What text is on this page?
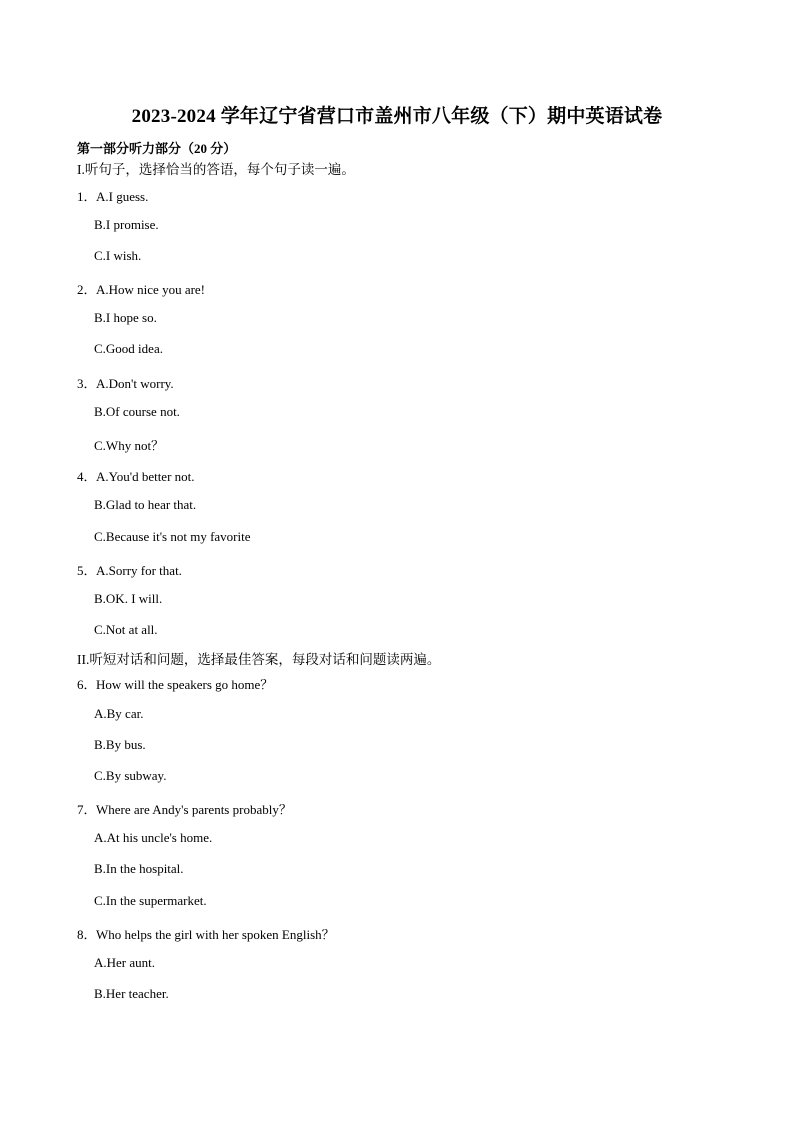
2023-2024 学年辽宁省营口市盖州市八年级（下）期中英语试卷
第一部分听力部分（20 分）
I.听句子，选择恰当的答语，每个句子读一遍。
1．A.I guess.
B.I promise.
C.I wish.
2．A.How nice you are!
B.I hope so.
C.Good idea.
3．A.Don't worry.
B.Of course not.
C.Why not？
4．A.You'd better not.
B.Glad to hear that.
C.Because it's not my favorite
5．A.Sorry for that.
B.OK. I will.
C.Not at all.
II.听短对话和问题，选择最佳答案，每段对话和问题读两遍。
6．How will the speakers go home？
A.By car.
B.By bus.
C.By subway.
7．Where are Andy's parents probably？
A.At his uncle's home.
B.In the hospital.
C.In the supermarket.
8．Who helps the girl with her spoken English？
A.Her aunt.
B.Her teacher.
